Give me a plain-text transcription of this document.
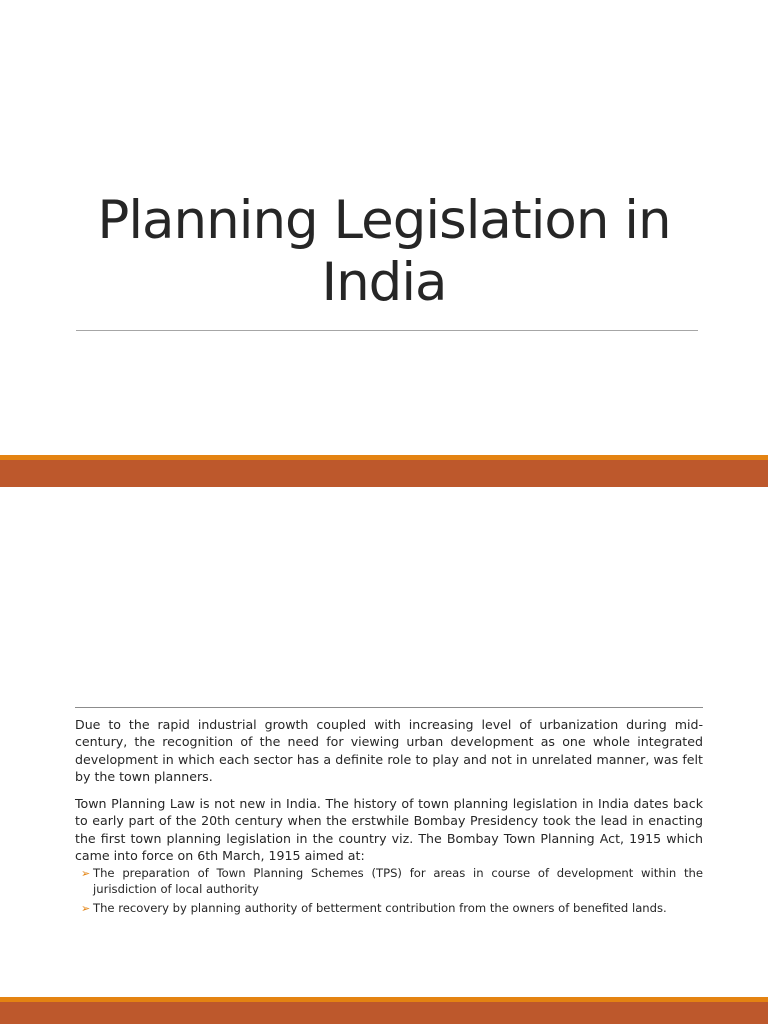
Planning Legislation in
India

Due to the rapid industrial growth coupled with increasing level of urbanization during mid-century, the recognition of the need for viewing urban development as one whole integrated development in which each sector has a definite role to play and not in unrelated manner, was felt by the town planners.

Town Planning Law is not new in India. The history of town planning legislation in India dates back to early part of the 20th century when the erstwhile Bombay Presidency took the lead in enacting the first town planning legislation in the country viz. The Bombay Town Planning Act, 1915 which came into force on 6th March, 1915 aimed at:

➢ The preparation of Town Planning Schemes (TPS) for areas in course of development within the jurisdiction of local authority
➢ The recovery by planning authority of betterment contribution from the owners of benefited lands.
